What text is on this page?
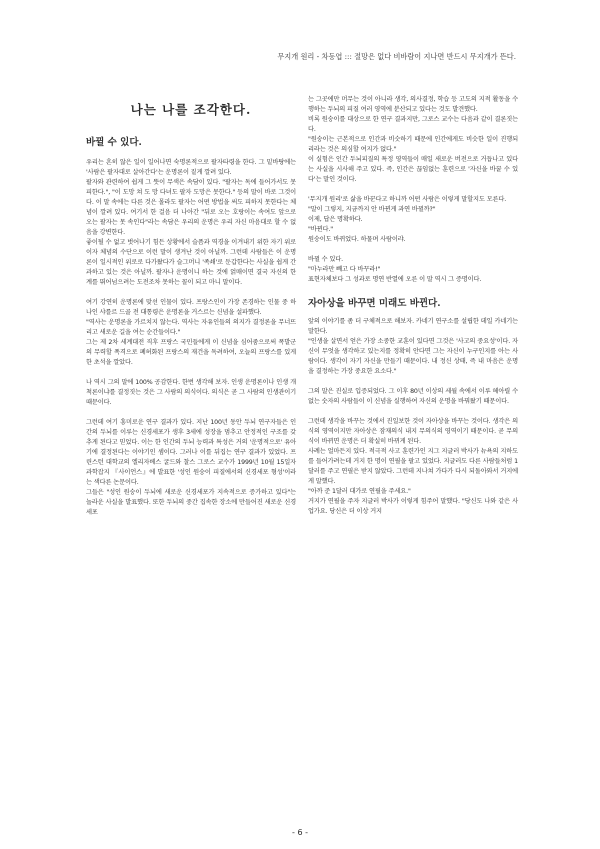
무지개 원리 - 차동엽 ::: 절망은 없다 비바람이 지나면 반드시 무지개가 뜬다.
나는 나를 조각한다.
바뀔 수 있다.

우리는 흔히 않은 일이 일어나면 숙명론적으로 팔자타령을 한다. 그 밑바탕에는 '사람은 팔자대로 살아간다'는 운명론이 짙게 깔려 있다.

팔자와 관련하여 쉽게 그 뜻이 무색은 속담이 있다. "팔자는 독에 들어가서도 못 피한다.", "이 도망 쳐 도 망 다녀도 팔자 도망은 못한다." 등의 말이 바로 그것이다. 이 말 속에는 다른 것은 몰라도 팔자는 어떤 방법을 써도 피하지 못한다는 체념이 깔려 있다. 여기서 한 걸음 더 나아간 "뒤로 오는 호랑이는 속여도 앞으로 오는 팔자는 못 속인다"라는 속담은 우리의 운명은 우리 자신 마음대로 할 수 없음을 강변한다.

좋이될 수 없고 벗어나기 힘든 상황에서 슬픔과 역경을 이겨내기 위한 자기 위로이자 체념의 수단으로 이런 말이 생겨난 것이 아닐까. 그런데 사람들은 이 운명론이 일시적인 위로로 다가왔다가 슬그머니 '족쇄'로 둔갑한다는 사실을 쉽게 간과하고 있는 것은 아닐까. 팔자나 운명이니 하는 것에 얽매이면 결국 자신의 한계를 뛰어넘으려는 도전조차 못하는 꼴이 되고 마니 말이다.

여기 강연히 운명론에 맞선 인물이 있다. 프랑스인이 가장 존경하는 인물 중 하나인 샤를르 드골 전 대통령은 운명론을 거스르는 신념을 설파했다.

"역사는 운명론을 가르치지 않는다. 역사는 자유인들의 의지가 결정론을 무너뜨리고 새로운 길을 여는 순간들이다."

그는 제 2차 세계대전 직후 프랑스 국민들에게 이 신념을 심어줌으로써 폭발군의 무력할 폭격으로 폐허화된 프랑스의 재건을 독려하여, 오늘의 프랑스를 있게 한 초석을 깔았다.

나 역시 그의 말에 100% 공감한다. 한번 생각해 보자. 인생 운명론이나 인생 개척론이냐를 결정짓는 것은 그 사람의 의식이다. 의식은 곧 그 사람의 인생관이기 때문이다.

그런데 여기 흥미로운 연구 결과가 있다. 지난 100년 동안 두뇌 연구자들은 인간의 두뇌를 이루는 신경세포가 생후 3세에 성장을 멈추고 안정적인 구조를 갖추게 된다고 믿었다. 이는 한 인간의 두뇌 능력과 특성은 거의 '운명적으로' 유아기에 결정된다는 이야기인 셈이다. 그러나 이를 뒤집는 연구 결과가 있었다. 프린스턴 대학교의 엘리자베스 굴드와 찰스 그로스 교수가 1999년 10월 15일자 과학잡지 『사이언스』에 발표한 '성인 원숭이 피질에서의 신경세포 형성'이라는 색다른 논문이다.

그들은 "성인 원숭이 두뇌에 새로운 신경세포가 지속적으로 증가하고 있다"는 놀라운 사실을 발표했다. 또한 두뇌의 중간 집속한 장소에 만들어진 새로운 신경세포

는 그곳에만 머무는 것이 아니라 생각, 의사결정, 학습 등 고도의 지적 활동을 수행하는 두뇌의 피질 여러 영역에 분산되고 있다는 것도 발견했다.

비록 원숭이를 대상으로 한 연구 결과지만, 그로스 교수는 다음과 같이 결론짓는다.

"원숭이는 근본적으로 인간과 비슷하기 때문에 인간에게도 비슷한 일이 진행되리라는 것은 의심할 여지가 없다."

이 실험은 인간 두뇌피질의 특정 영역들이 매일 새로운 버전으로 거듭나고 있다는 사실을 시사해 주고 있다. 즉, 인간은 끊임없는 훈련으로 '자신을 바꿀 수 있다'는 말인 것이다.

'무지개 원리'로 삶을 바꾼다고 하니까 어떤 사람은 이렇게 말할지도 모른다.

"말이 그렇지, 지금까지 안 바뀐게 과연 바뀔까?"

이제, 답은 명확하다.

"바뀐다."

원숭이도 바뀌었다. 하물며 사람이랴.

바뀔 수 있다.

"마누라만 빼고 다 바꾸라!"

표현자체보다 그 성과로 명연 반열에 오른 이 말 역시 그 증명이다.

자아상을 바꾸면 미래도 바뀐다.

앞의 이야기를 좀 더 구체적으로 해보자. 카네기 연구소를 설립한 데일 카네기는 말한다.

"인생을 살면서 얻은 가장 소중한 교훈이 있다면 그것은 '사고의 중요성'이다. 자신이 무엇을 생각하고 있는지를 정확히 안다면 그는 자신이 누구인지를 아는 사람이다. 생각이 자기 자신을 만들기 때문이다. 내 정신 상태, 즉 내 마음은 운명을 결정하는 가장 중요한 요소다."

그의 말은 진실로 입증되었다. 그 이후 80년 이상의 세월 속에서 이루 헤아릴 수 없는 숫자의 사람들이 이 신념을 실행하여 자신의 운명을 바꿔왔기 때문이다.

그런데 생각을 바꾸는 것에서 진일보한 것이 자아상을 바꾸는 것이다. 생각은 의식의 영역이지만 자아상은 잠재의식 내지 무의식의 영역이기 때문이다. 곧 무의식이 바뀌면 운명은 더 확실히 바뀌게 된다.

사례는 얼마든지 있다. 적극적 사고 훈련가인 지그 지글러 박사가 뉴욕의 지하도를 들어가려는데 거지 한 명이 연필을 팔고 있었다. 지글러도 다른 사람들처럼 1달러를 주고 연필은 받지 않았다. 그런데 지나쳐 가다가 다시 되돌아와서 거지에게 말했다.

"아까 준 1달러 대가로 연필을 주세요."

거지가 연필을 주자 지글러 박사가 이렇게 힘주어 말했다. "당신도 나와 같은 사업가요. 당신은 더 이상 거지

- 6 -
